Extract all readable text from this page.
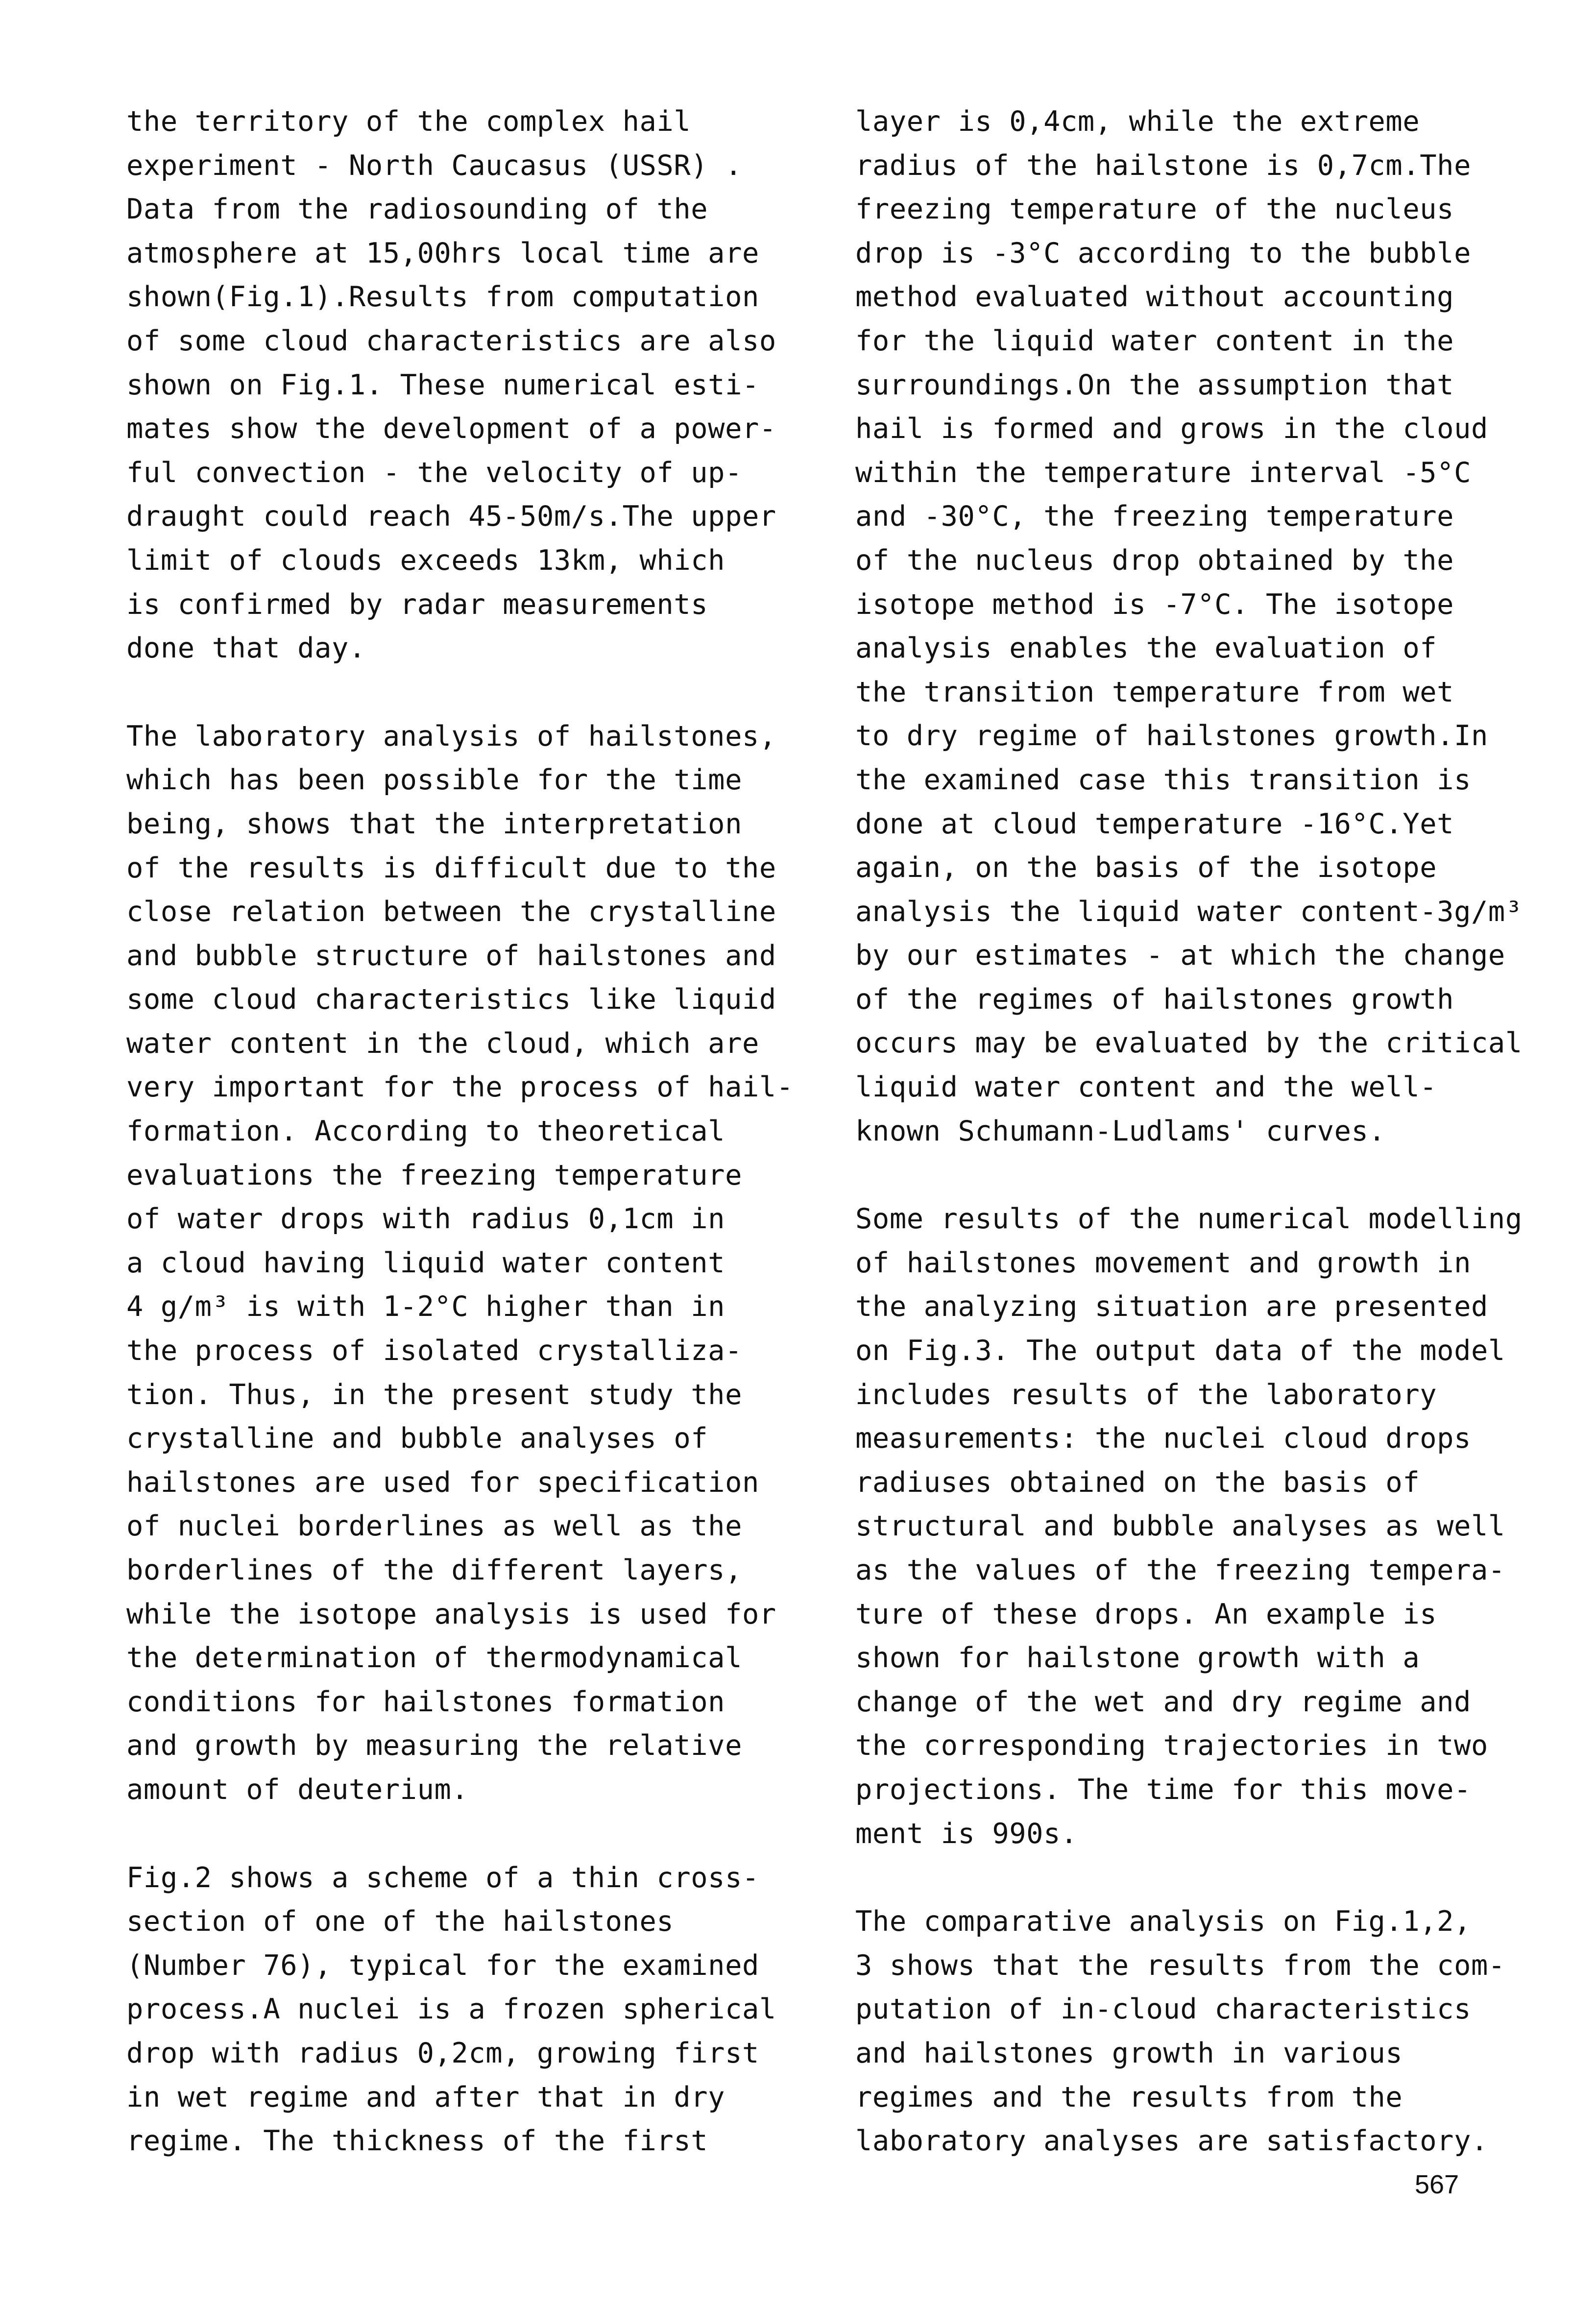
the territory of the complex hail
experiment - North Caucasus (USSR) .
Data from the radiosounding of the
atmosphere at 15,00hrs local time are
shown(Fig.1).Results from computation
of some cloud characteristics are also
shown on Fig.1. These numerical esti-
mates show the development of a power-
ful convection - the velocity of up-
draught could reach 45-50m/s.The upper
limit of clouds exceeds 13km, which
is confirmed by radar measurements
done that day.
The laboratory analysis of hailstones,
which has been possible for the time
being, shows that the interpretation
of the results is difficult due to the
close relation between the crystalline
and bubble structure of hailstones and
some cloud characteristics like liquid
water content in the cloud, which are
very important for the process of hail-
formation. According to theoretical
evaluations the freezing temperature
of water drops with radius 0,1cm in
a cloud having liquid water content
4 g/m³ is with 1-2°C higher than in
the process of isolated crystalliza-
tion. Thus, in the present study the
crystalline and bubble analyses of
hailstones are used for specification
of nuclei borderlines as well as the
borderlines of the different layers,
while the isotope analysis is used for
the determination of thermodynamical
conditions for hailstones formation
and growth by measuring the relative
amount of deuterium.
Fig.2 shows a scheme of a thin cross-
section of one of the hailstones
(Number 76), typical for the examined
process.A nuclei is a frozen spherical
drop with radius 0,2cm, growing first
in wet regime and after that in dry
regime. The thickness of the first
layer is 0,4cm, while the extreme
radius of the hailstone is 0,7cm.The
freezing temperature of the nucleus
drop is -3°C according to the bubble
method evaluated without accounting
for the liquid water content in the
surroundings.On the assumption that
hail is formed and grows in the cloud
within the temperature interval -5°C
and -30°C, the freezing temperature
of the nucleus drop obtained by the
isotope method is -7°C. The isotope
analysis enables the evaluation of
the transition temperature from wet
to dry regime of hailstones growth.In
the examined case this transition is
done at cloud temperature -16°C.Yet
again, on the basis of the isotope
analysis the liquid water content-3g/m³
by our estimates - at which the change
of the regimes of hailstones growth
occurs may be evaluated by the critical
liquid water content and the well-
known Schumann-Ludlams' curves.
Some results of the numerical modelling
of hailstones movement and growth in
the analyzing situation are presented
on Fig.3. The output data of the model
includes results of the laboratory
measurements: the nuclei cloud drops
radiuses obtained on the basis of
structural and bubble analyses as well
as the values of the freezing tempera-
ture of these drops. An example is
shown for hailstone growth with a
change of the wet and dry regime and
the corresponding trajectories in two
projections. The time for this move-
ment is 990s.
The comparative analysis on Fig.1,2,
3 shows that the results from the com-
putation of in-cloud characteristics
and hailstones growth in various
regimes and the results from the
laboratory analyses are satisfactory.
567
